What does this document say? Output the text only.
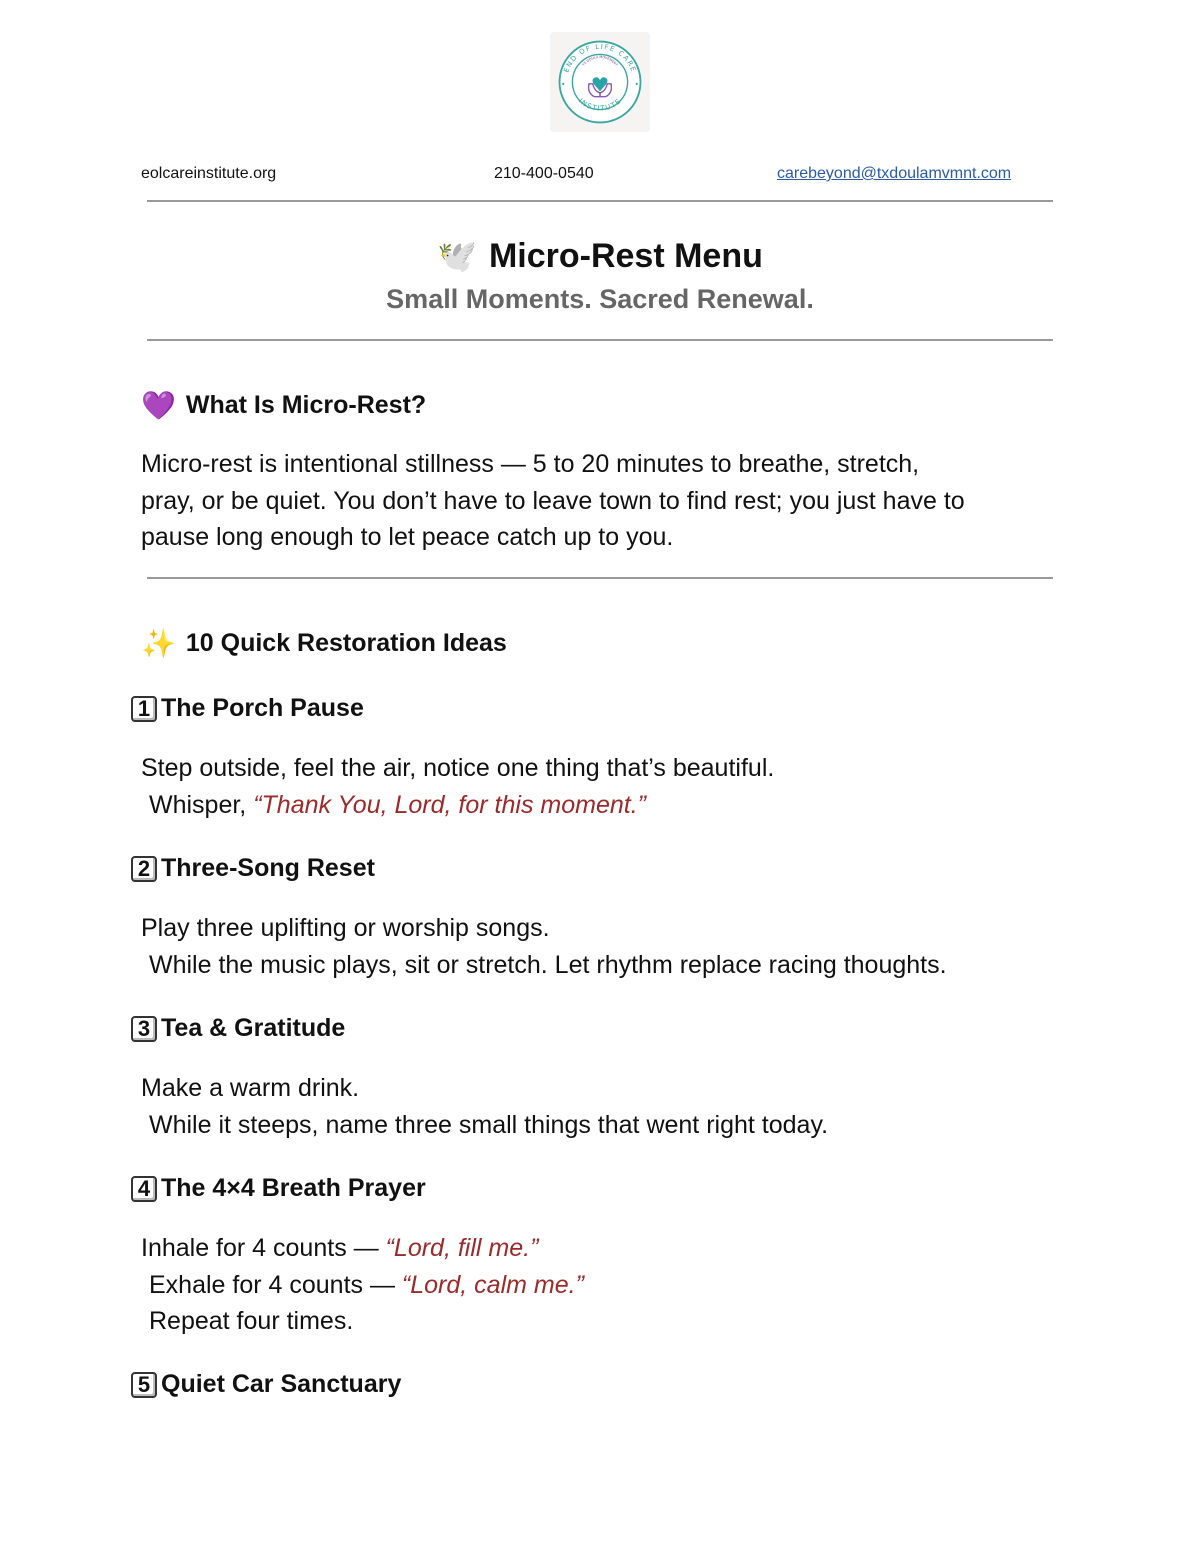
END OF LIFE CARE
INSTITUTE
TX DOULA MOVEMENT
eolcareinstitute.org	210-400-0540	carebeyond@txdoulamvmnt.com
🕊️ Micro-Rest Menu
Small Moments. Sacred Renewal.
💜 What Is Micro-Rest?
Micro-rest is intentional stillness — 5 to 20 minutes to breathe, stretch,
pray, or be quiet. You don’t have to leave town to find rest; you just have to
pause long enough to let peace catch up to you.
✨ 10 Quick Restoration Ideas
1 The Porch Pause
Step outside, feel the air, notice one thing that’s beautiful.
Whisper, “Thank You, Lord, for this moment.”
2 Three-Song Reset
Play three uplifting or worship songs.
While the music plays, sit or stretch. Let rhythm replace racing thoughts.
3 Tea & Gratitude
Make a warm drink.
While it steeps, name three small things that went right today.
4 The 4×4 Breath Prayer
Inhale for 4 counts — “Lord, fill me.”
Exhale for 4 counts — “Lord, calm me.”
Repeat four times.
5 Quiet Car Sanctuary
